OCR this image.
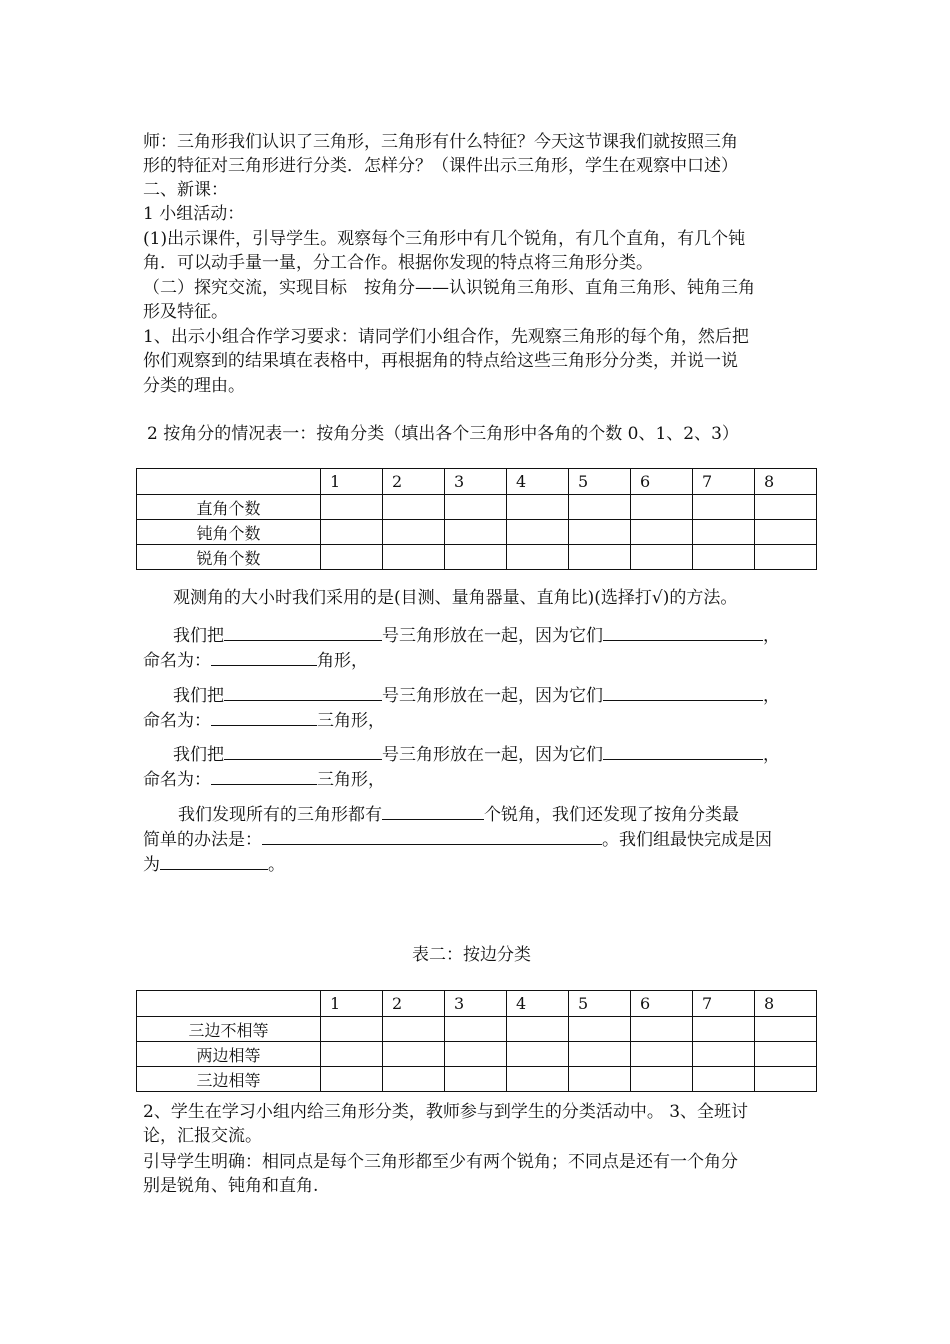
师：三角形我们认识了三角形，三角形有什么特征？今天这节课我们就按照三角

形的特征对三角形进行分类．怎样分？（课件出示三角形，学生在观察中口述）

二、新课：

1 小组活动：

(1)出示课件，引导学生。观察每个三角形中有几个锐角，有几个直角，有几个钝

角．可以动手量一量，分工合作。根据你发现的特点将三角形分类。

（二）探究交流，实现目标　按角分——认识锐角三角形、直角三角形、钝角三角

形及特征。

1、出示小组合作学习要求：请同学们小组合作，先观察三角形的每个角，然后把

你们观察到的结果填在表格中，再根据角的特点给这些三角形分分类，并说一说

分类的理由。

2 按角分的情况表一：按角分类（填出各个三角形中各角的个数 0、1、2、3）
	1	2	3	4	5	6	7	8
直角个数								
钝角个数								
锐角个数								

观测角的大小时我们采用的是(目测、量角器量、直角比)(选择打√)的方法。

我们把	号三角形放在一起，因为它们	，

命名为：	角形，

我们把	号三角形放在一起，因为它们	，

命名为：	三角形，

我们把	号三角形放在一起，因为它们	，

命名为：	三角形，

我们发现所有的三角形都有	个锐角，我们还发现了按角分类最

简单的办法是：	。我们组最快完成是因

为	。

表二：按边分类
	1	2	3	4	5	6	7	8
三边不相等								
两边相等								
三边相等								

2、学生在学习小组内给三角形分类，教师参与到学生的分类活动中。 3、全班讨

论，汇报交流。

引导学生明确：相同点是每个三角形都至少有两个锐角；不同点是还有一个角分

别是锐角、钝角和直角.
